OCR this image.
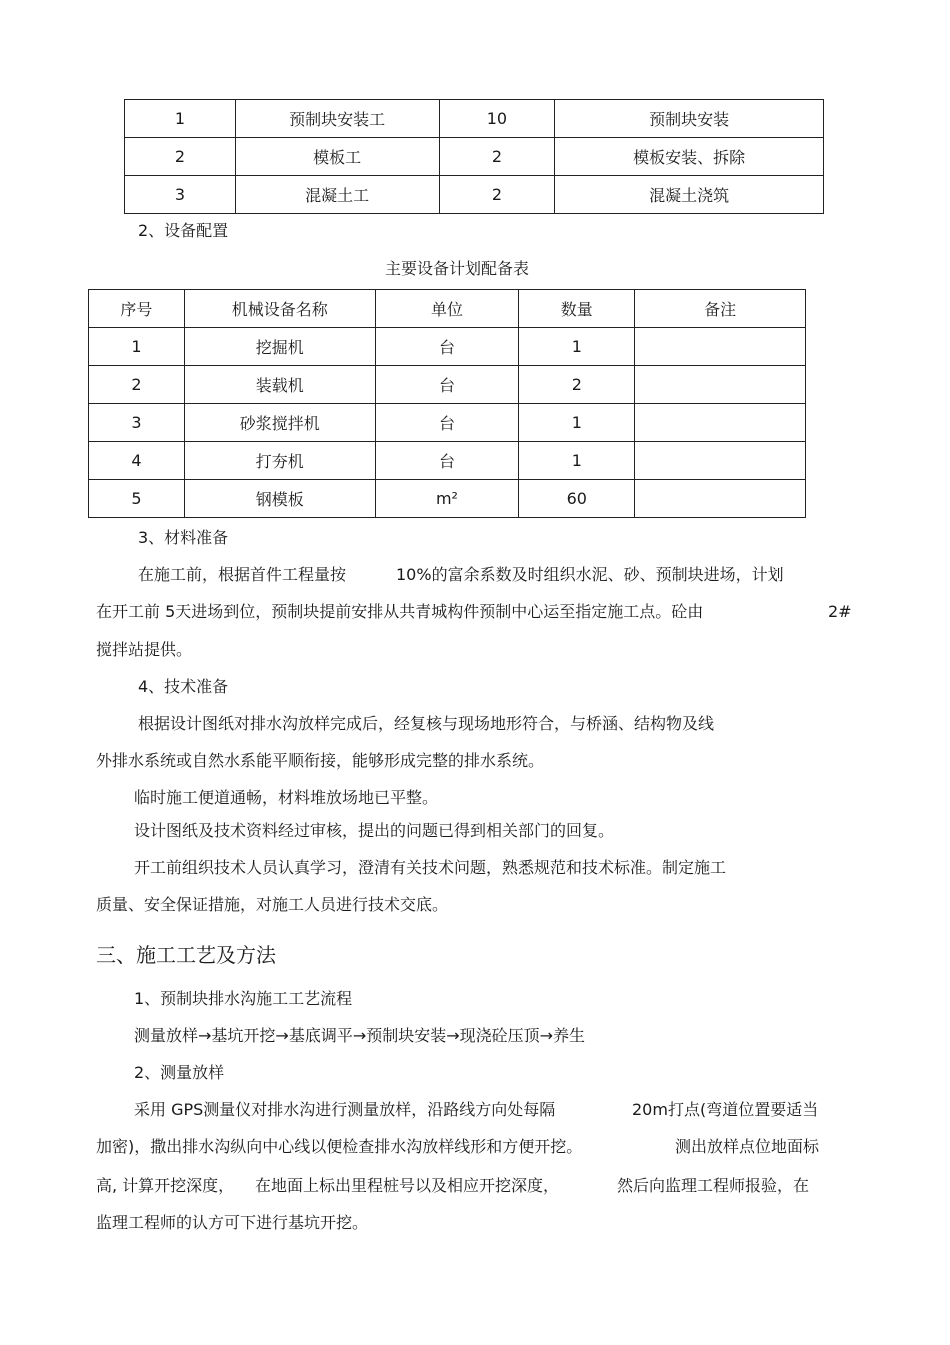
1	预制块安装工	10	预制块安装
2	模板工	2	模板安装、拆除
3	混凝土工	2	混凝土浇筑
2、设备配置
主要设备计划配备表
序号	机械设备名称	单位	数量	备注
1	挖掘机	台	1	
2	装载机	台	2	
3	砂浆搅拌机	台	1	
4	打夯机	台	1	
5	钢模板	m²	60	
3、材料准备
在施工前，根据首件工程量按	10%的富余系数及时组织水泥、砂、预制块进场，计划
在开工前 5天进场到位，预制块提前安排从共青城构件预制中心运至指定施工点。砼由	2#
搅拌站提供。
4、技术准备
根据设计图纸对排水沟放样完成后，经复核与现场地形符合，与桥涵、结构物及线
外排水系统或自然水系能平顺衔接，能够形成完整的排水系统。
临时施工便道通畅，材料堆放场地已平整。
设计图纸及技术资料经过审核，提出的问题已得到相关部门的回复。
开工前组织技术人员认真学习，澄清有关技术问题，熟悉规范和技术标准。制定施工
质量、安全保证措施，对施工人员进行技术交底。
三、施工工艺及方法
1、预制块排水沟施工工艺流程
测量放样→基坑开挖→基底调平→预制块安装→现浇砼压顶→养生
2、测量放样
采用 GPS测量仪对排水沟进行测量放样，沿路线方向处每隔	20m打点(弯道位置要适当
加密)，撒出排水沟纵向中心线以便检查排水沟放样线形和方便开挖。	测出放样点位地面标
高, 计算开挖深度， 在地面上标出里程桩号以及相应开挖深度，	然后向监理工程师报验，在
监理工程师的认方可下进行基坑开挖。
